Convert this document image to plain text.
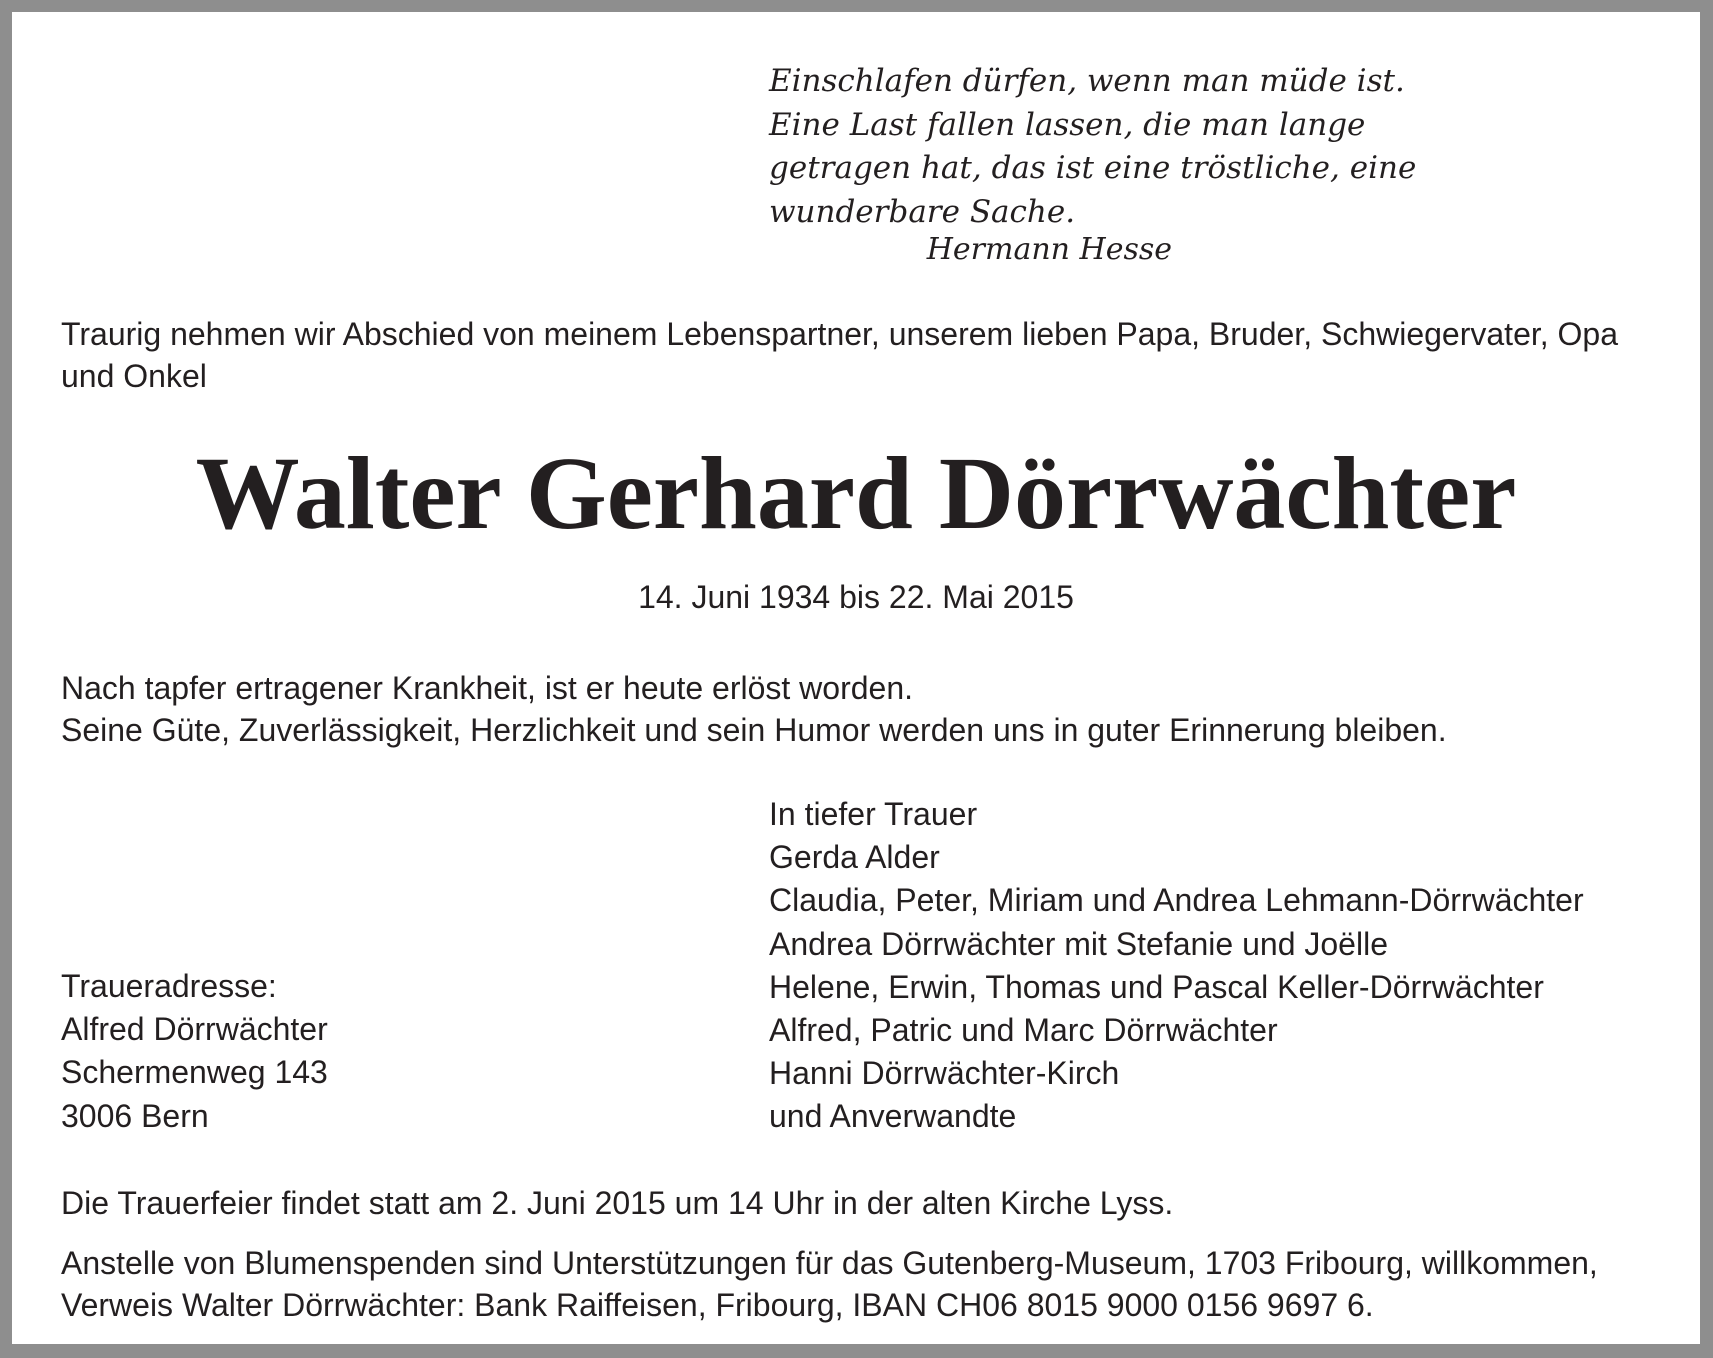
Einschlafen dürfen, wenn man müde ist.
Eine Last fallen lassen, die man lange
getragen hat, das ist eine tröstliche, eine
wunderbare Sache.
Hermann Hesse
Traurig nehmen wir Abschied von meinem Lebenspartner, unserem lieben Papa, Bruder, Schwiegervater, Opa
und Onkel
Walter Gerhard Dörrwächter
14. Juni 1934 bis 22. Mai 2015
Nach tapfer ertragener Krankheit, ist er heute erlöst worden.
Seine Güte, Zuverlässigkeit, Herzlichkeit und sein Humor werden uns in guter Erinnerung bleiben.
In tiefer Trauer
Gerda Alder
Claudia, Peter, Miriam und Andrea Lehmann-Dörrwächter
Andrea Dörrwächter mit Stefanie und Joëlle
Helene, Erwin, Thomas und Pascal Keller-Dörrwächter
Alfred, Patric und Marc Dörrwächter
Hanni Dörrwächter-Kirch
und Anverwandte
Traueradresse:
Alfred Dörrwächter
Schermenweg 143
3006 Bern
Die Trauerfeier findet statt am 2. Juni 2015 um 14 Uhr in der alten Kirche Lyss.
Anstelle von Blumenspenden sind Unterstützungen für das Gutenberg-Museum, 1703 Fribourg, willkommen,
Verweis Walter Dörrwächter: Bank Raiffeisen, Fribourg, IBAN CH06 8015 9000 0156 9697 6.
